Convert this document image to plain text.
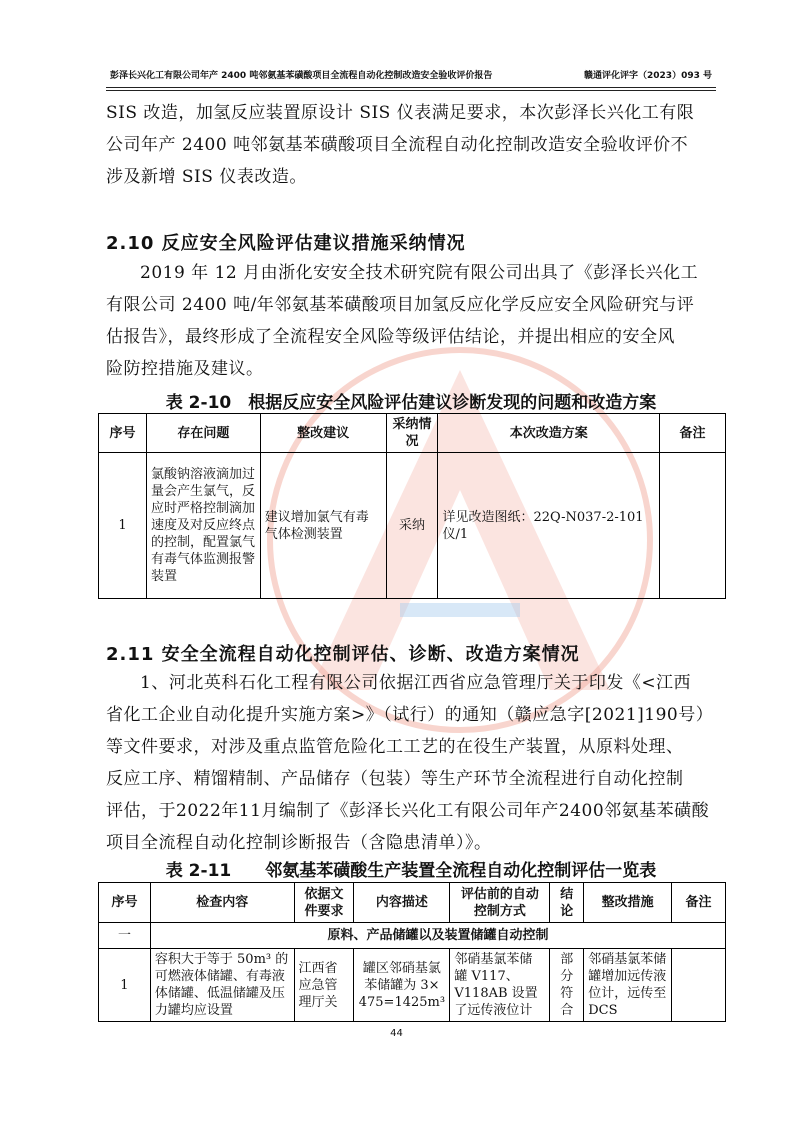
彭泽长兴化工有限公司年产 2400 吨邻氨基苯磺酸项目全流程自动化控制改造安全验收评价报告	赣通评化评字（2023）093 号
SIS 改造，加氢反应装置原设计 SIS 仪表满足要求，本次彭泽长兴化工有限
公司年产 2400 吨邻氨基苯磺酸项目全流程自动化控制改造安全验收评价不
涉及新增 SIS 仪表改造。
2.10 反应安全风险评估建议措施采纳情况
2019 年 12 月由浙化安安全技术研究院有限公司出具了《彭泽长兴化工
有限公司 2400 吨/年邻氨基苯磺酸项目加氢反应化学反应安全风险研究与评
估报告》，最终形成了全流程安全风险等级评估结论，并提出相应的安全风
险防控措施及建议。
表 2-10　根据反应安全风险评估建议诊断发现的问题和改造方案
序号	存在问题	整改建议	采纳情况	本次改造方案	备注
1	氯酸钠溶液滴加过量会产生氯气，反应时严格控制滴加速度及对反应终点的控制，配置氯气有毒气体监测报警装置	建议增加氯气有毒气体检测装置	采纳	详见改造图纸：22Q-N037-2-101 仪/1	
2.11 安全全流程自动化控制评估、诊断、改造方案情况
1、河北英科石化工程有限公司依据江西省应急管理厅关于印发《<江西
省化工企业自动化提升实施方案>》（试行）的通知（赣应急字[2021]190号）
等文件要求，对涉及重点监管危险化工工艺的在役生产装置，从原料处理、
反应工序、精馏精制、产品储存（包装）等生产环节全流程进行自动化控制
评估，于2022年11月编制了《彭泽长兴化工有限公司年产2400邻氨基苯磺酸
项目全流程自动化控制诊断报告（含隐患清单）》。
表 2-11　　邻氨基苯磺酸生产装置全流程自动化控制评估一览表
序号	检查内容	依据文件要求	内容描述	评估前的自动控制方式	结论	整改措施	备注
一	原料、产品储罐以及装置储罐自动控制						
1	容积大于等于 50m³ 的可燃液体储罐、有毒液体储罐、低温储罐及压力罐均应设置	江西省应急管理厅关	罐区邻硝基氯苯储罐为 3× 475=1425m³	邻硝基氯苯储罐 V117、V118AB 设置了远传液位计	部分符合	邻硝基氯苯储罐增加远传液位计，远传至 DCS	
44
